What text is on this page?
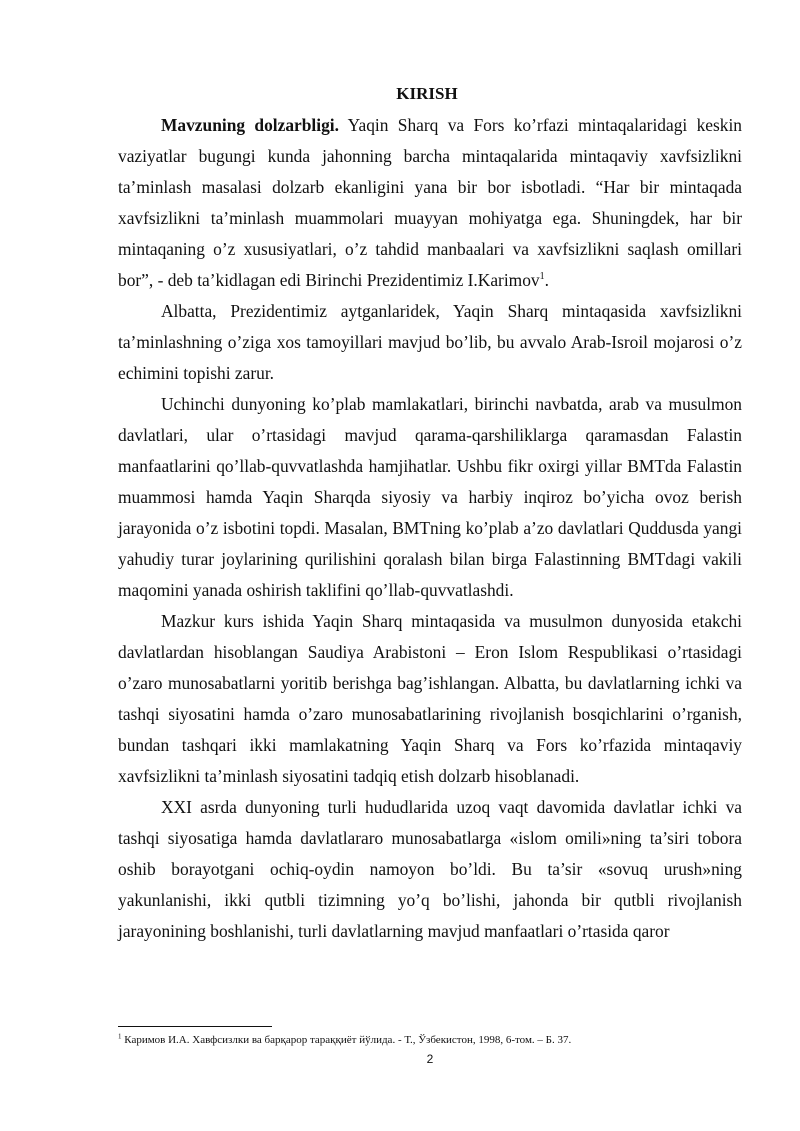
KIRISH

Mavzuning dolzarbligi. Yaqin Sharq va Fors ko’rfazi mintaqalaridagi keskin vaziyatlar bugungi kunda jahonning barcha mintaqalarida mintaqaviy xavfsizlikni ta’minlash masalasi dolzarb ekanligini yana bir bor isbotladi. “Har bir mintaqada xavfsizlikni ta’minlash muammolari muayyan mohiyatga ega. Shuningdek, har bir mintaqaning o’z xususiyatlari, o’z tahdid manbaalari va xavfsizlikni saqlash omillari bor”, - deb ta’kidlagan edi Birinchi Prezidentimiz I.Karimov$^1$.

Albatta, Prezidentimiz aytganlaridek, Yaqin Sharq mintaqasida xavfsizlikni ta’minlashning o’ziga xos tamoyillari mavjud bo’lib, bu avvalo Arab-Isroil mojarosi o’z echimini topishi zarur.

Uchinchi dunyoning ko’plab mamlakatlari, birinchi navbatda, arab va musulmon davlatlari, ular o’rtasidagi mavjud qarama-qarshiliklarga qaramasdan Falastin manfaatlarini qo’llab-quvvatlashda hamjihatlar. Ushbu fikr oxirgi yillar BMTda Falastin muammosi hamda Yaqin Sharqda siyosiy va harbiy inqiroz bo’yicha ovoz berish jarayonida o’z isbotini topdi. Masalan, BMTning ko’plab a’zo davlatlari Quddusda yangi yahudiy turar joylarining qurilishini qoralash bilan birga Falastinning BMTdagi vakili maqomini yanada oshirish taklifini qo’llab-quvvatlashdi.

Mazkur kurs ishida Yaqin Sharq mintaqasida va musulmon dunyosida etakchi davlatlardan hisoblangan Saudiya Arabistoni – Eron Islom Respublikasi o’rtasidagi o’zaro munosabatlarni yoritib berishga bag’ishlangan. Albatta, bu davlatlarning ichki va tashqi siyosatini hamda o’zaro munosabatlarining rivojlanish bosqichlarini o’rganish, bundan tashqari ikki mamlakatning Yaqin Sharq va Fors ko’rfazida mintaqaviy xavfsizlikni ta’minlash siyosatini tadqiq etish dolzarb hisoblanadi.

XXI asrda dunyoning turli hududlarida uzoq vaqt davomida davlatlar ichki va tashqi siyosatiga hamda davlatlararo munosabatlarga «islom omili»ning ta’siri tobora oshib borayotgani ochiq-oydin namoyon bo’ldi. Bu ta’sir «sovuq urush»ning yakunlanishi, ikki qutbli tizimning yo’q bo’lishi, jahonda bir qutbli rivojlanish jarayonining boshlanishi, turli davlatlarning mavjud manfaatlari o’rtasida qaror

$^1$ Каримов И.А. Хавфсизлки ва барқарор тараққиёт йўлида. - Т., Ўзбекистон, 1998, 6-том. – Б. 37.
2
